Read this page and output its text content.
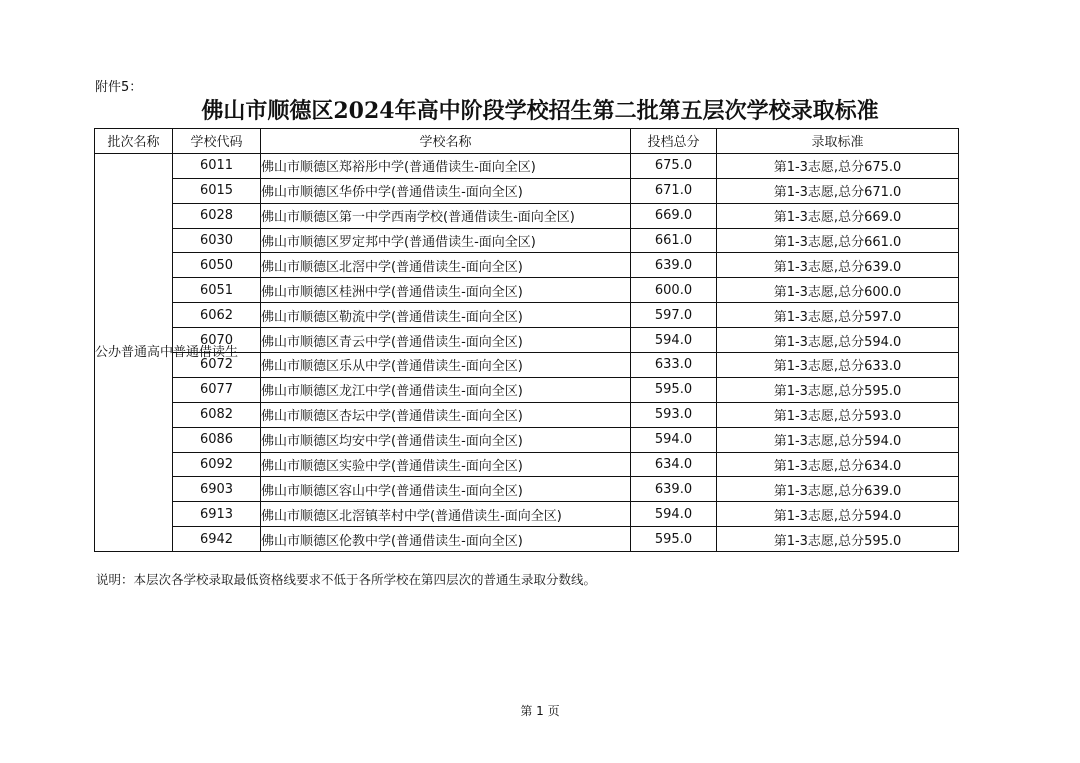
附件5：
佛山市顺德区2024年高中阶段学校招生第二批第五层次学校录取标准
批次名称	学校代码	学校名称	投档总分	录取标准
公办普通高中普通借读生	6011	佛山市顺德区郑裕彤中学(普通借读生-面向全区)	675.0	第1-3志愿,总分675.0
	6015	佛山市顺德区华侨中学(普通借读生-面向全区)	671.0	第1-3志愿,总分671.0
	6028	佛山市顺德区第一中学西南学校(普通借读生-面向全区)	669.0	第1-3志愿,总分669.0
	6030	佛山市顺德区罗定邦中学(普通借读生-面向全区)	661.0	第1-3志愿,总分661.0
	6050	佛山市顺德区北滘中学(普通借读生-面向全区)	639.0	第1-3志愿,总分639.0
	6051	佛山市顺德区桂洲中学(普通借读生-面向全区)	600.0	第1-3志愿,总分600.0
	6062	佛山市顺德区勒流中学(普通借读生-面向全区)	597.0	第1-3志愿,总分597.0
	6070	佛山市顺德区青云中学(普通借读生-面向全区)	594.0	第1-3志愿,总分594.0
	6072	佛山市顺德区乐从中学(普通借读生-面向全区)	633.0	第1-3志愿,总分633.0
	6077	佛山市顺德区龙江中学(普通借读生-面向全区)	595.0	第1-3志愿,总分595.0
	6082	佛山市顺德区杏坛中学(普通借读生-面向全区)	593.0	第1-3志愿,总分593.0
	6086	佛山市顺德区均安中学(普通借读生-面向全区)	594.0	第1-3志愿,总分594.0
	6092	佛山市顺德区实验中学(普通借读生-面向全区)	634.0	第1-3志愿,总分634.0
	6903	佛山市顺德区容山中学(普通借读生-面向全区)	639.0	第1-3志愿,总分639.0
	6913	佛山市顺德区北滘镇莘村中学(普通借读生-面向全区)	594.0	第1-3志愿,总分594.0
	6942	佛山市顺德区伦教中学(普通借读生-面向全区)	595.0	第1-3志愿,总分595.0
说明：本层次各学校录取最低资格线要求不低于各所学校在第四层次的普通生录取分数线。
第 1 页
